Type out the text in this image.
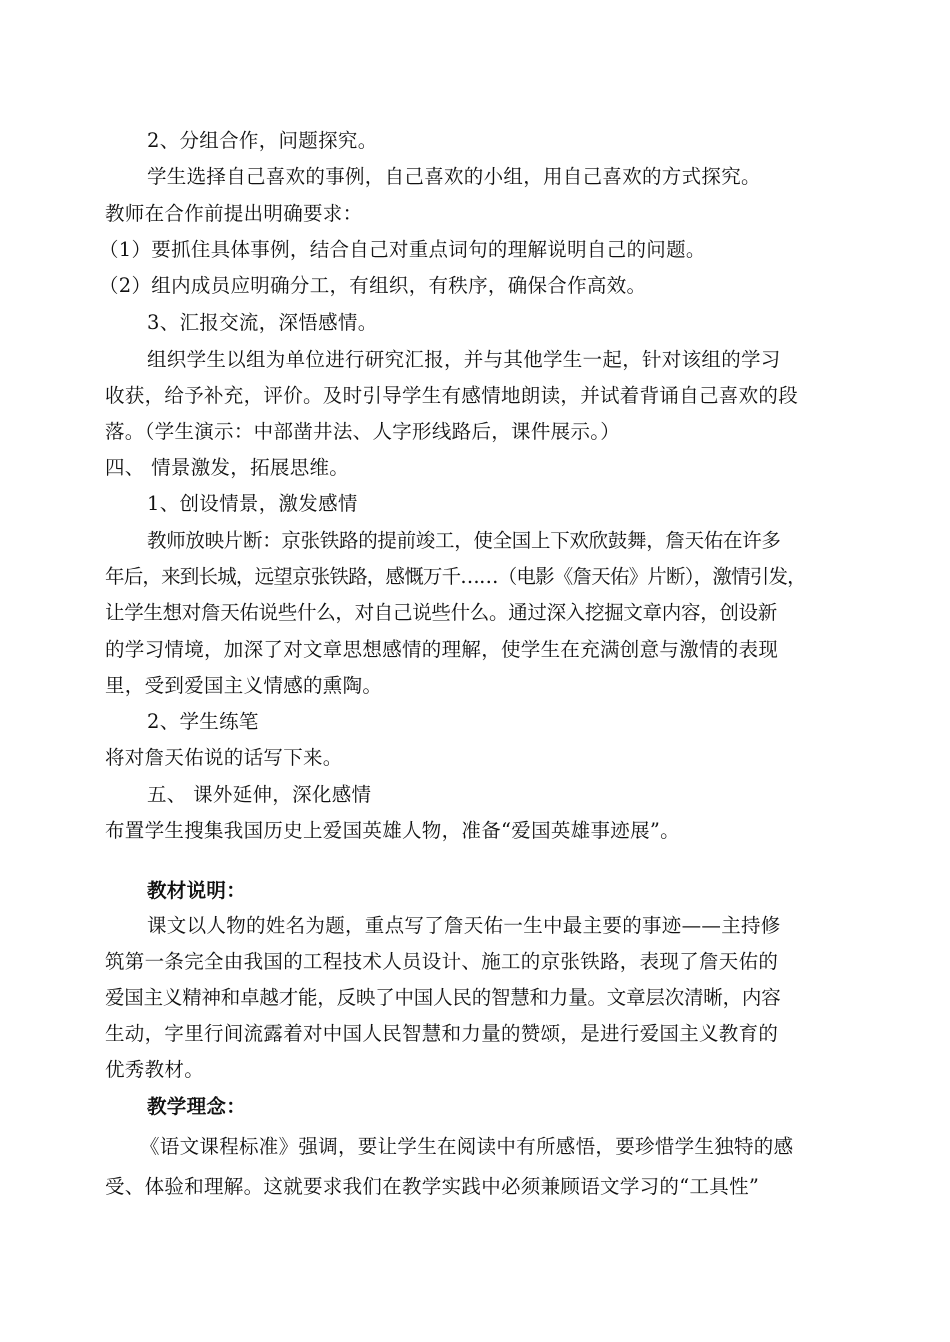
2、分组合作，问题探究。
学生选择自己喜欢的事例，自己喜欢的小组，用自己喜欢的方式探究。
教师在合作前提出明确要求：
（1）要抓住具体事例，结合自己对重点词句的理解说明自己的问题。
（2）组内成员应明确分工，有组织，有秩序，确保合作高效。
3、汇报交流，深悟感情。
组织学生以组为单位进行研究汇报，并与其他学生一起，针对该组的学习
收获，给予补充，评价。及时引导学生有感情地朗读，并试着背诵自己喜欢的段
落。（学生演示：中部凿井法、人字形线路后，课件展示。）
四、 情景激发，拓展思维。
1、创设情景，激发感情
教师放映片断：京张铁路的提前竣工，使全国上下欢欣鼓舞，詹天佑在许多
年后，来到长城，远望京张铁路，感慨万千……（电影《詹天佑》片断），激情引发，
让学生想对詹天佑说些什么，对自己说些什么。通过深入挖掘文章内容，创设新
的学习情境，加深了对文章思想感情的理解，使学生在充满创意与激情的表现
里，受到爱国主义情感的熏陶。
2、学生练笔
将对詹天佑说的话写下来。
五、 课外延伸，深化感情
布置学生搜集我国历史上爱国英雄人物，准备“爱国英雄事迹展”。
教材说明：
课文以人物的姓名为题，重点写了詹天佑一生中最主要的事迹——主持修
筑第一条完全由我国的工程技术人员设计、施工的京张铁路，表现了詹天佑的
爱国主义精神和卓越才能，反映了中国人民的智慧和力量。文章层次清晰，内容
生动，字里行间流露着对中国人民智慧和力量的赞颂，是进行爱国主义教育的
优秀教材。
教学理念：
《语文课程标准》强调，要让学生在阅读中有所感悟，要珍惜学生独特的感
受、体验和理解。这就要求我们在教学实践中必须兼顾语文学习的“工具性”
